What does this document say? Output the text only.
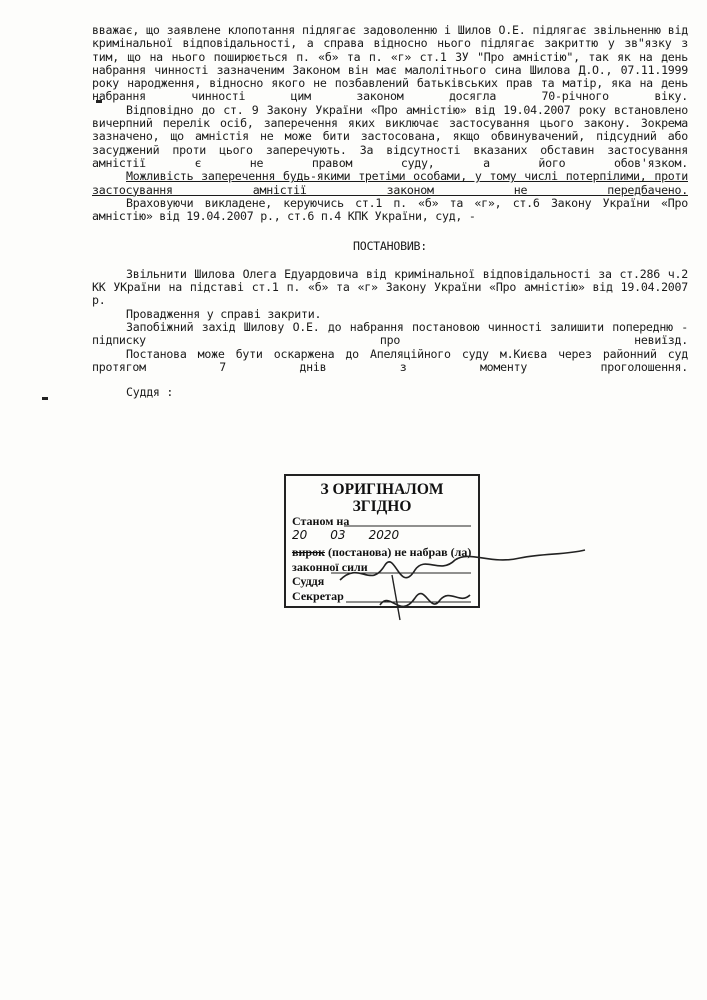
вважає, що заявлене клопотання підлягає задоволенню і Шилов О.Е. підлягає звільненню від кримінальної відповідальності, а справа відносно нього підлягає закриттю у зв"язку з тим, що на нього поширюється п. «б» та п. «г» ст.1 ЗУ "Про амністію", так як на день набрання чинності зазначеним Законом він має малолітнього сина Шилова Д.О., 07.11.1999 року народження, відносно якого не позбавлений батьківських прав та матір, яка на день набрання чинності цим законом досягла 70-річного віку.

Відповідно до ст. 9 Закону України «Про амністію» від 19.04.2007 року встановлено вичерпний перелік осіб, заперечення яких виключає застосування цього закону. Зокрема зазначено, що амністія не може бити застосована, якщо обвинувачений, підсудний або засуджений проти цього заперечують. За відсутності вказаних обставин застосування амністії є не правом суду, а його обов'язком.

Можливість заперечення будь-якими третіми особами, у тому числі потерпілими, проти застосування амністії законом не передбачено.

Враховуючи викладене, керуючись ст.1 п. «б» та «г», ст.6 Закону України «Про амністію» від 19.04.2007 р., ст.6 п.4 КПК України, суд, -

ПОСТАНОВИВ:

Звільнити Шилова Олега Едуардовича від кримінальної відповідальності за ст.286 ч.2 КК УКраїни на підставі ст.1 п. «б» та «г» Закону України «Про амністію» від 19.04.2007 р.

Провадження у справі закрити.

Запобіжний захід Шилову О.Е. до набрання постановою чинності залишити попередню - підписку про невиїзд.

Постанова може бути оскаржена до Апеляційного суду м.Києва через районний суд протягом 7 днів з моменту проголошення.

Суддя :

З ОРИГІНАЛОМ
ЗГІДНО
Станом на
20 03 2020
вирок (постанова) не набрав (ла)
законної сили
Суддя
Секретар
